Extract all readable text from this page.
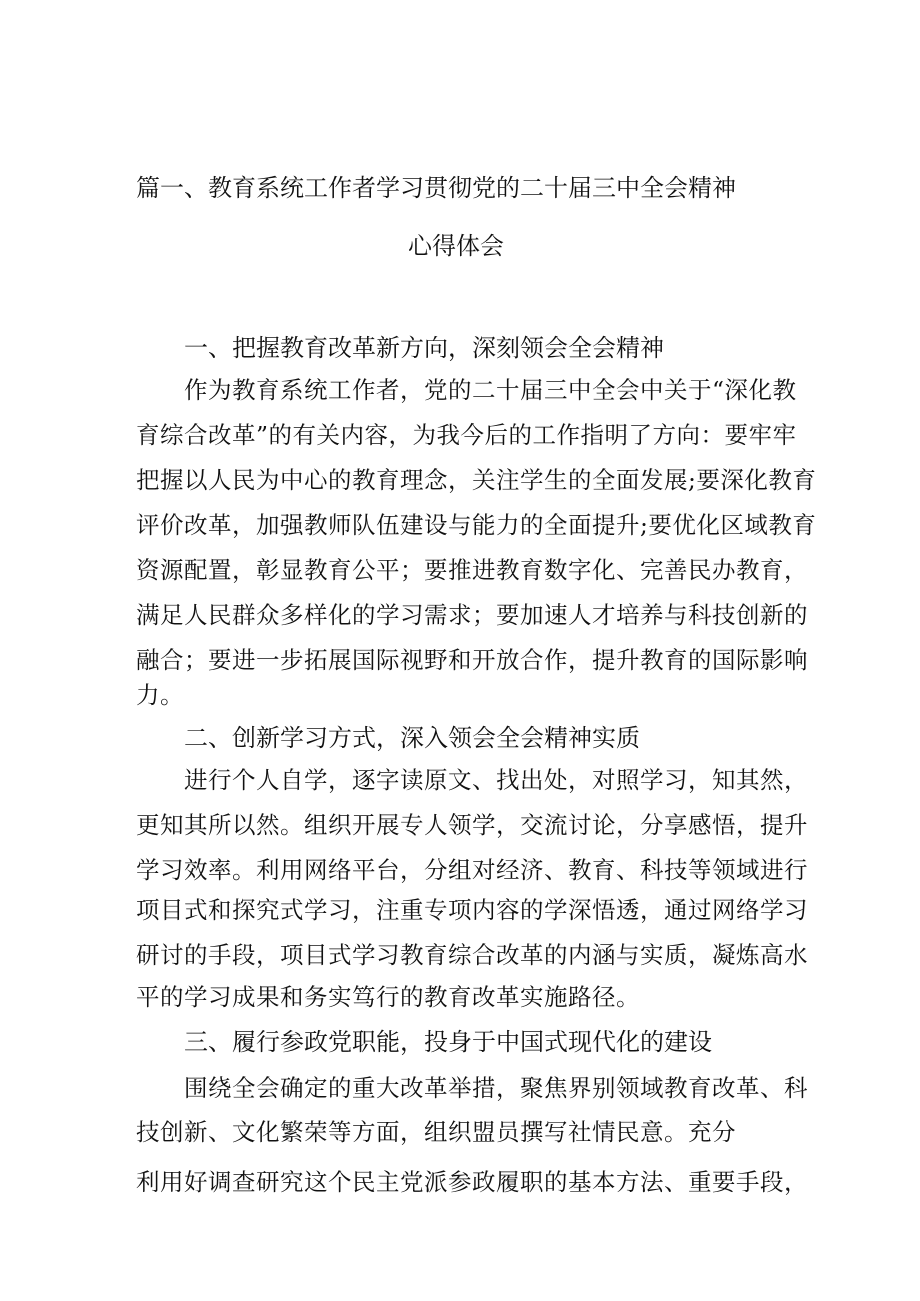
篇一、教育系统工作者学习贯彻党的二十届三中全会精神
心得体会
一、把握教育改革新方向，深刻领会全会精神
作为教育系统工作者，党的二十届三中全会中关于“深化教
育综合改革”的有关内容，为我今后的工作指明了方向：要牢牢
把握以人民为中心的教育理念，关注学生的全面发展;要深化教育
评价改革，加强教师队伍建设与能力的全面提升;要优化区域教育
资源配置，彰显教育公平；要推进教育数字化、完善民办教育，
满足人民群众多样化的学习需求；要加速人才培养与科技创新的
融合；要进一步拓展国际视野和开放合作，提升教育的国际影响
力。
二、创新学习方式，深入领会全会精神实质
进行个人自学，逐字读原文、找出处，对照学习，知其然，
更知其所以然。组织开展专人领学，交流讨论，分享感悟，提升
学习效率。利用网络平台，分组对经济、教育、科技等领域进行
项目式和探究式学习，注重专项内容的学深悟透，通过网络学习
研讨的手段，项目式学习教育综合改革的内涵与实质，凝炼高水
平的学习成果和务实笃行的教育改革实施路径。
三、履行参政党职能，投身于中国式现代化的建设
围绕全会确定的重大改革举措，聚焦界别领域教育改革、科
技创新、文化繁荣等方面，组织盟员撰写社情民意。充分
利用好调查研究这个民主党派参政履职的基本方法、重要手段，
